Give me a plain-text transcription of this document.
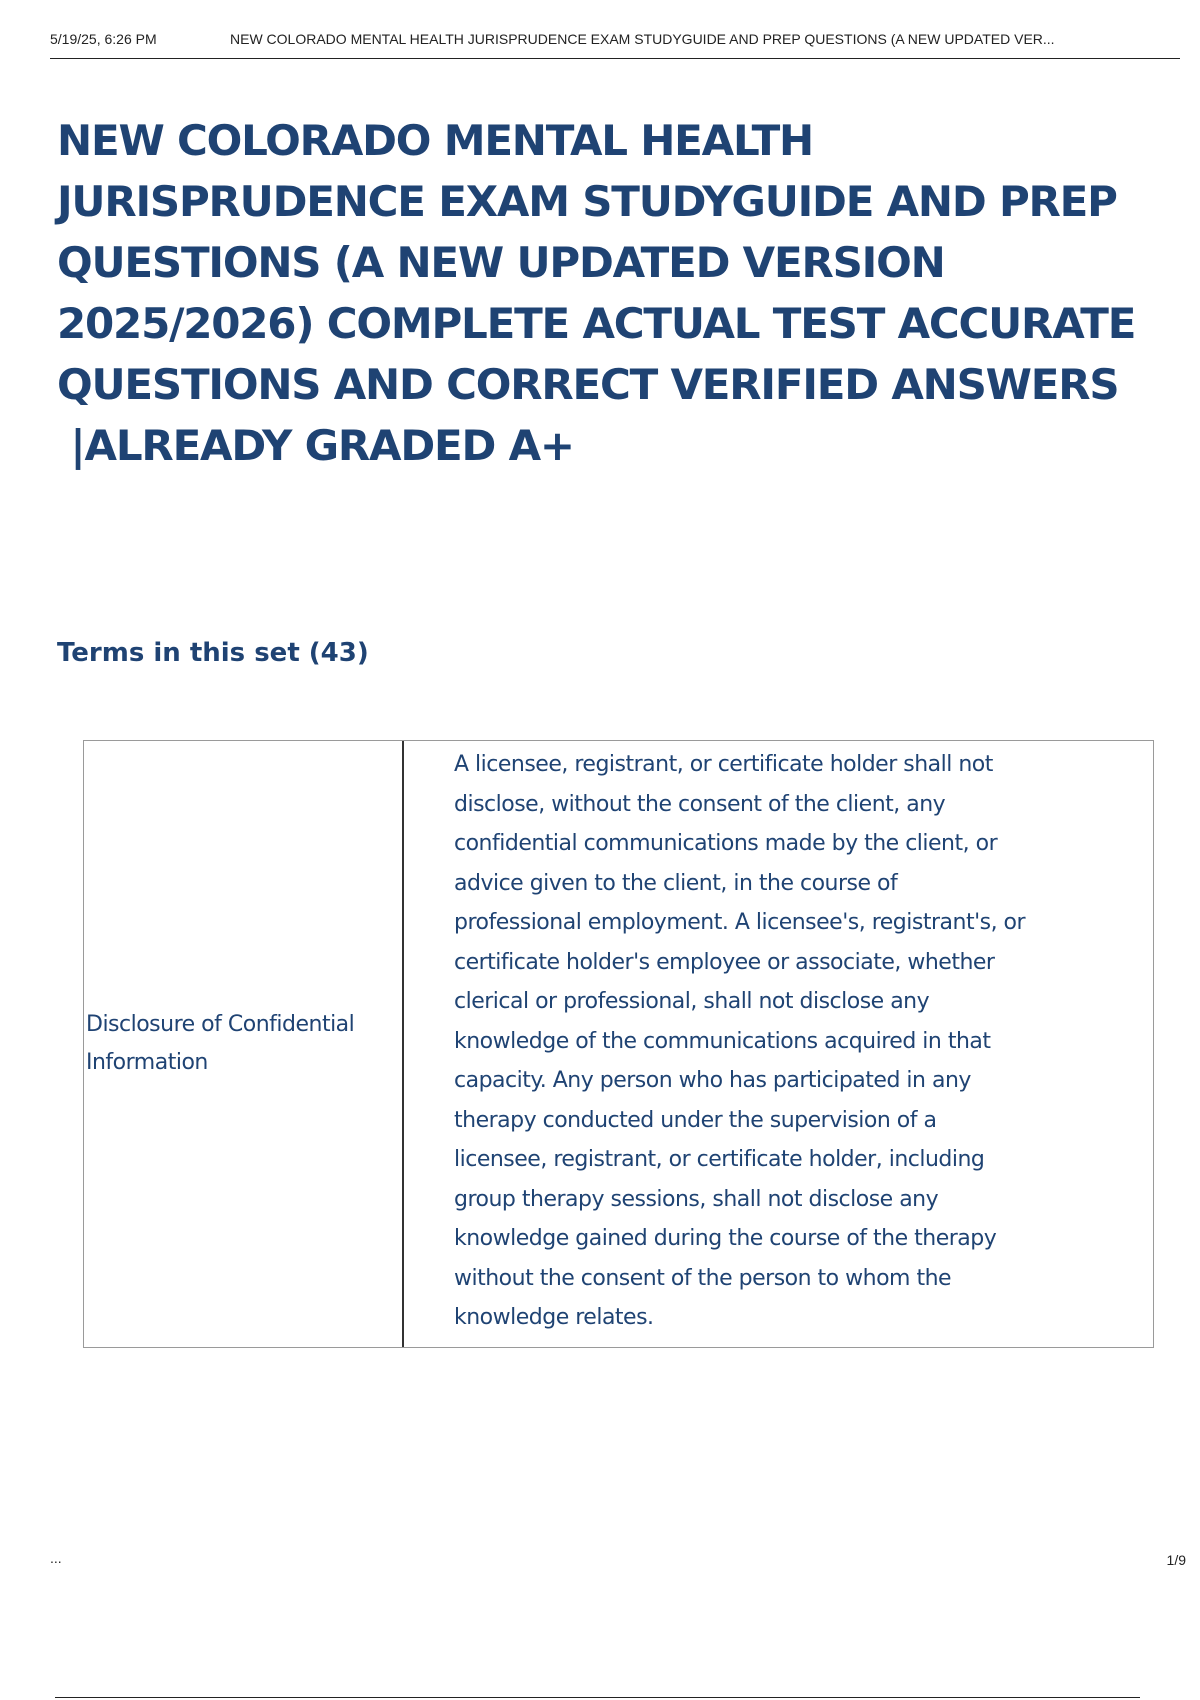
5/19/25, 6:26 PM	NEW COLORADO MENTAL HEALTH JURISPRUDENCE EXAM STUDYGUIDE AND PREP QUESTIONS (A NEW UPDATED VER...
NEW COLORADO MENTAL HEALTH
JURISPRUDENCE EXAM STUDYGUIDE AND PREP
QUESTIONS (A NEW UPDATED VERSION
2025/2026) COMPLETE ACTUAL TEST ACCURATE
QUESTIONS AND CORRECT VERIFIED ANSWERS
|ALREADY GRADED A+
Terms in this set (43)
Disclosure of Confidential
Information
A licensee, registrant, or certificate holder shall not
disclose, without the consent of the client, any
confidential communications made by the client, or
advice given to the client, in the course of
professional employment. A licensee's, registrant's, or
certificate holder's employee or associate, whether
clerical or professional, shall not disclose any
knowledge of the communications acquired in that
capacity. Any person who has participated in any
therapy conducted under the supervision of a
licensee, registrant, or certificate holder, including
group therapy sessions, shall not disclose any
knowledge gained during the course of the therapy
without the consent of the person to whom the
knowledge relates.
...	1/9
